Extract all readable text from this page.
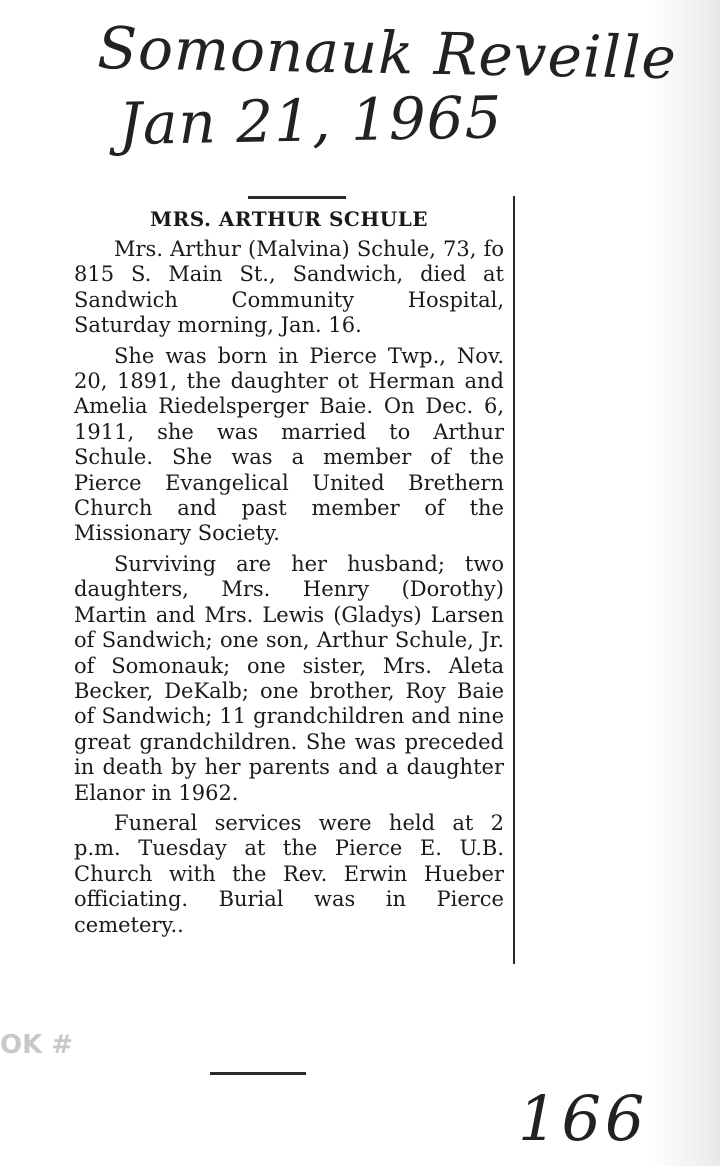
Somonauk Reveille
Jan 21, 1965
MRS. ARTHUR SCHULE

Mrs. Arthur (Malvina) Schule, 73, fo 815 S. Main St., Sandwich, died at Sandwich Community Hospital, Saturday morning, Jan. 16.

She was born in Pierce Twp., Nov. 20, 1891, the daughter ot Herman and Amelia Riedelsperger Baie. On Dec. 6, 1911, she was married to Arthur Schule. She was a member of the Pierce Evangelical United Brethern Church and past member of the Missionary Society.

Surviving are her husband; two daughters, Mrs. Henry (Dorothy) Martin and Mrs. Lewis (Gladys) Larsen of Sandwich; one son, Arthur Schule, Jr. of Somonauk; one sister, Mrs. Aleta Becker, DeKalb; one brother, Roy Baie of Sandwich; 11 grandchildren and nine great grandchildren. She was preceded in death by her parents and a daughter Elanor in 1962.

Funeral services were held at 2 p.m. Tuesday at the Pierce E. U.B. Church with the Rev. Erwin Hueber officiating. Burial was in Pierce cemetery..

OK #
166
